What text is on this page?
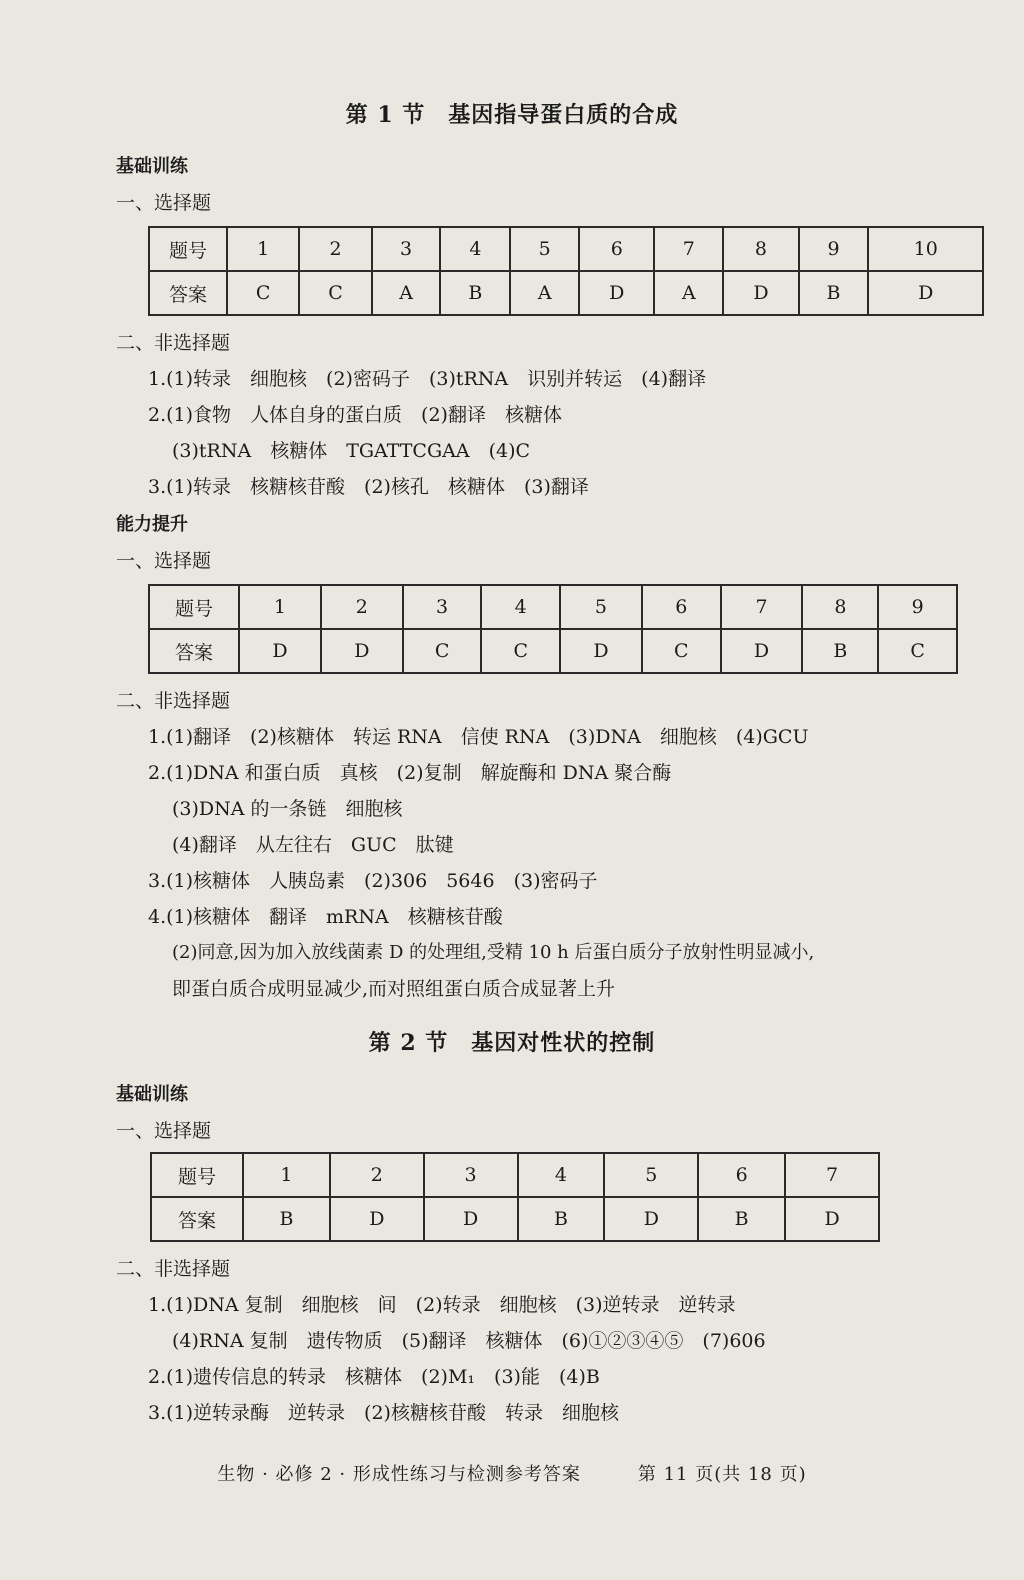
第 1 节　基因指导蛋白质的合成
基础训练
一、选择题
题号	1	2	3	4	5	6	7	8	9	10
答案	C	C	A	B	A	D	A	D	B	D
二、非选择题
1.(1)转录　细胞核　(2)密码子　(3)tRNA　识别并转运　(4)翻译
2.(1)食物　人体自身的蛋白质　(2)翻译　核糖体
(3)tRNA　核糖体　TGATTCGAA　(4)C
3.(1)转录　核糖核苷酸　(2)核孔　核糖体　(3)翻译
能力提升
一、选择题
题号	1	2	3	4	5	6	7	8	9
答案	D	D	C	C	D	C	D	B	C
二、非选择题
1.(1)翻译　(2)核糖体　转运 RNA　信使 RNA　(3)DNA　细胞核　(4)GCU
2.(1)DNA 和蛋白质　真核　(2)复制　解旋酶和 DNA 聚合酶
(3)DNA 的一条链　细胞核
(4)翻译　从左往右　GUC　肽键
3.(1)核糖体　人胰岛素　(2)306　5646　(3)密码子
4.(1)核糖体　翻译　mRNA　核糖核苷酸
(2)同意,因为加入放线菌素 D 的处理组,受精 10 h 后蛋白质分子放射性明显减小,
即蛋白质合成明显减少,而对照组蛋白质合成显著上升
第 2 节　基因对性状的控制
基础训练
一、选择题
题号	1	2	3	4	5	6	7
答案	B	D	D	B	D	B	D
二、非选择题
1.(1)DNA 复制　细胞核　间　(2)转录　细胞核　(3)逆转录　逆转录
(4)RNA 复制　遗传物质　(5)翻译　核糖体　(6)①②③④⑤　(7)606
2.(1)遗传信息的转录　核糖体　(2)M₁　(3)能　(4)B
3.(1)逆转录酶　逆转录　(2)核糖核苷酸　转录　细胞核
生物 · 必修 2 · 形成性练习与检测参考答案　　　第 11 页(共 18 页)
